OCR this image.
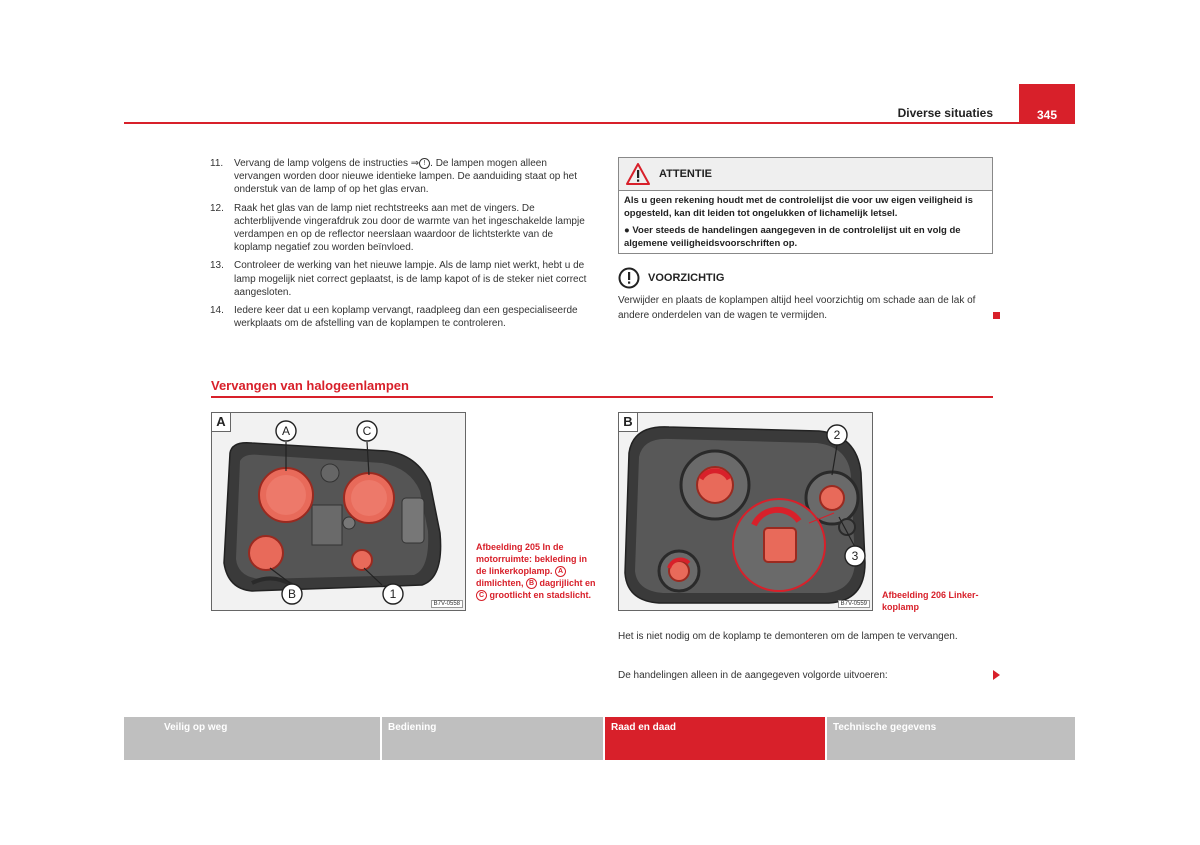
Diverse situaties	345
11.	Vervang de lamp volgens de instructies ⇒ ! . De lampen mogen alleen vervangen worden door nieuwe identieke lampen. De aanduiding staat op het onderstuk van de lamp of op het glas ervan.
12.	Raak het glas van de lamp niet rechtstreeks aan met de vingers. De achterblijvende vingerafdruk zou door de warmte van het ingeschakelde lampje verdampen en op de reflector neerslaan waardoor de lichtsterkte van de koplamp negatief zou worden beïnvloed.
13.	Controleer de werking van het nieuwe lampje. Als de lamp niet werkt, hebt u de lamp mogelijk niet correct geplaatst, is de lamp kapot of is de steker niet correct aangesloten.
14.	Iedere keer dat u een koplamp vervangt, raadpleeg dan een gespecialiseerde werkplaats om de afstelling van de koplampen te controleren.
ATTENTIE

Als u geen rekening houdt met de controlelijst die voor uw eigen veiligheid is opgesteld, kan dit leiden tot ongelukken of lichamelijk letsel.

● Voer steeds de handelingen aangegeven in de controlelijst uit en volg de algemene veiligheidsvoorschriften op.

VOORZICHTIG
Verwijder en plaats de koplampen altijd heel voorzichtig om schade aan de lak of andere onderdelen van de wagen te vermijden.
Vervangen van halogeenlampen
A
A	C
B	1
B7V-0558
Afbeelding 205 In de motorruimte: bekleding in de linkerkoplamp. A dimlichten, B dagrijlicht en C grootlicht en stadslicht.
B
2
3
B7V-0559
Afbeelding 206 Linker-koplamp
Het is niet nodig om de koplamp te demonteren om de lampen te vervangen.
De handelingen alleen in de aangegeven volgorde uitvoeren:
Veilig op weg	Bediening	Raad en daad	Technische gegevens
